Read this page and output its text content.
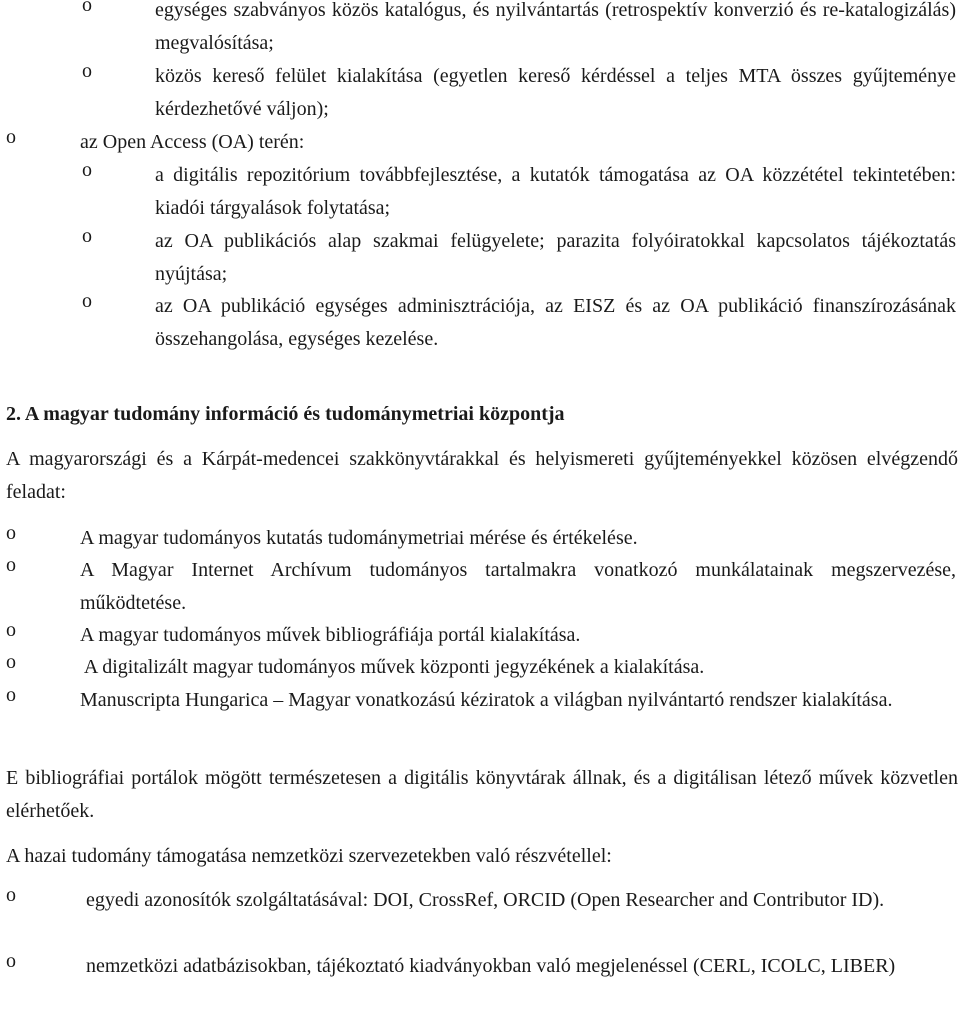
o	egységes szabványos közös katalógus, és nyilvántartás (retrospektív konverzió és re-katalogizálás) megvalósítása;
o	közös kereső felület kialakítása (egyetlen kereső kérdéssel a teljes MTA összes gyűjteménye kérdezhetővé váljon);
o	az Open Access (OA) terén:
o	a digitális repozitórium továbbfejlesztése, a kutatók támogatása az OA közzététel tekintetében: kiadói tárgyalások folytatása;
o	az OA publikációs alap szakmai felügyelete; parazita folyóiratokkal kapcsolatos tájékoztatás nyújtása;
o	az OA publikáció egységes adminisztrációja, az EISZ és az OA publikáció finanszírozásának összehangolása, egységes kezelése.
2. A magyar tudomány információ és tudománymetriai központja
A magyarországi és a Kárpát-medencei szakkönyvtárakkal és helyismereti gyűjteményekkel közösen elvégzendő feladat:
o	A magyar tudományos kutatás tudománymetriai mérése és értékelése.
o	A Magyar Internet Archívum tudományos tartalmakra vonatkozó munkálatainak megszervezése, működtetése.
o	A magyar tudományos művek bibliográfiája portál kialakítása.
o	A digitalizált magyar tudományos művek központi jegyzékének a kialakítása.
o	Manuscripta Hungarica – Magyar vonatkozású kéziratok a világban nyilvántartó rendszer kialakítása.
E bibliográfiai portálok mögött természetesen a digitális könyvtárak állnak, és a digitálisan létező művek közvetlen elérhetőek.
A hazai tudomány támogatása nemzetközi szervezetekben való részvétellel:
o	egyedi azonosítók szolgáltatásával: DOI, CrossRef, ORCID (Open Researcher and Contributor ID).
o	nemzetközi adatbázisokban, tájékoztató kiadványokban való megjelenéssel (CERL, ICOLC, LIBER)
